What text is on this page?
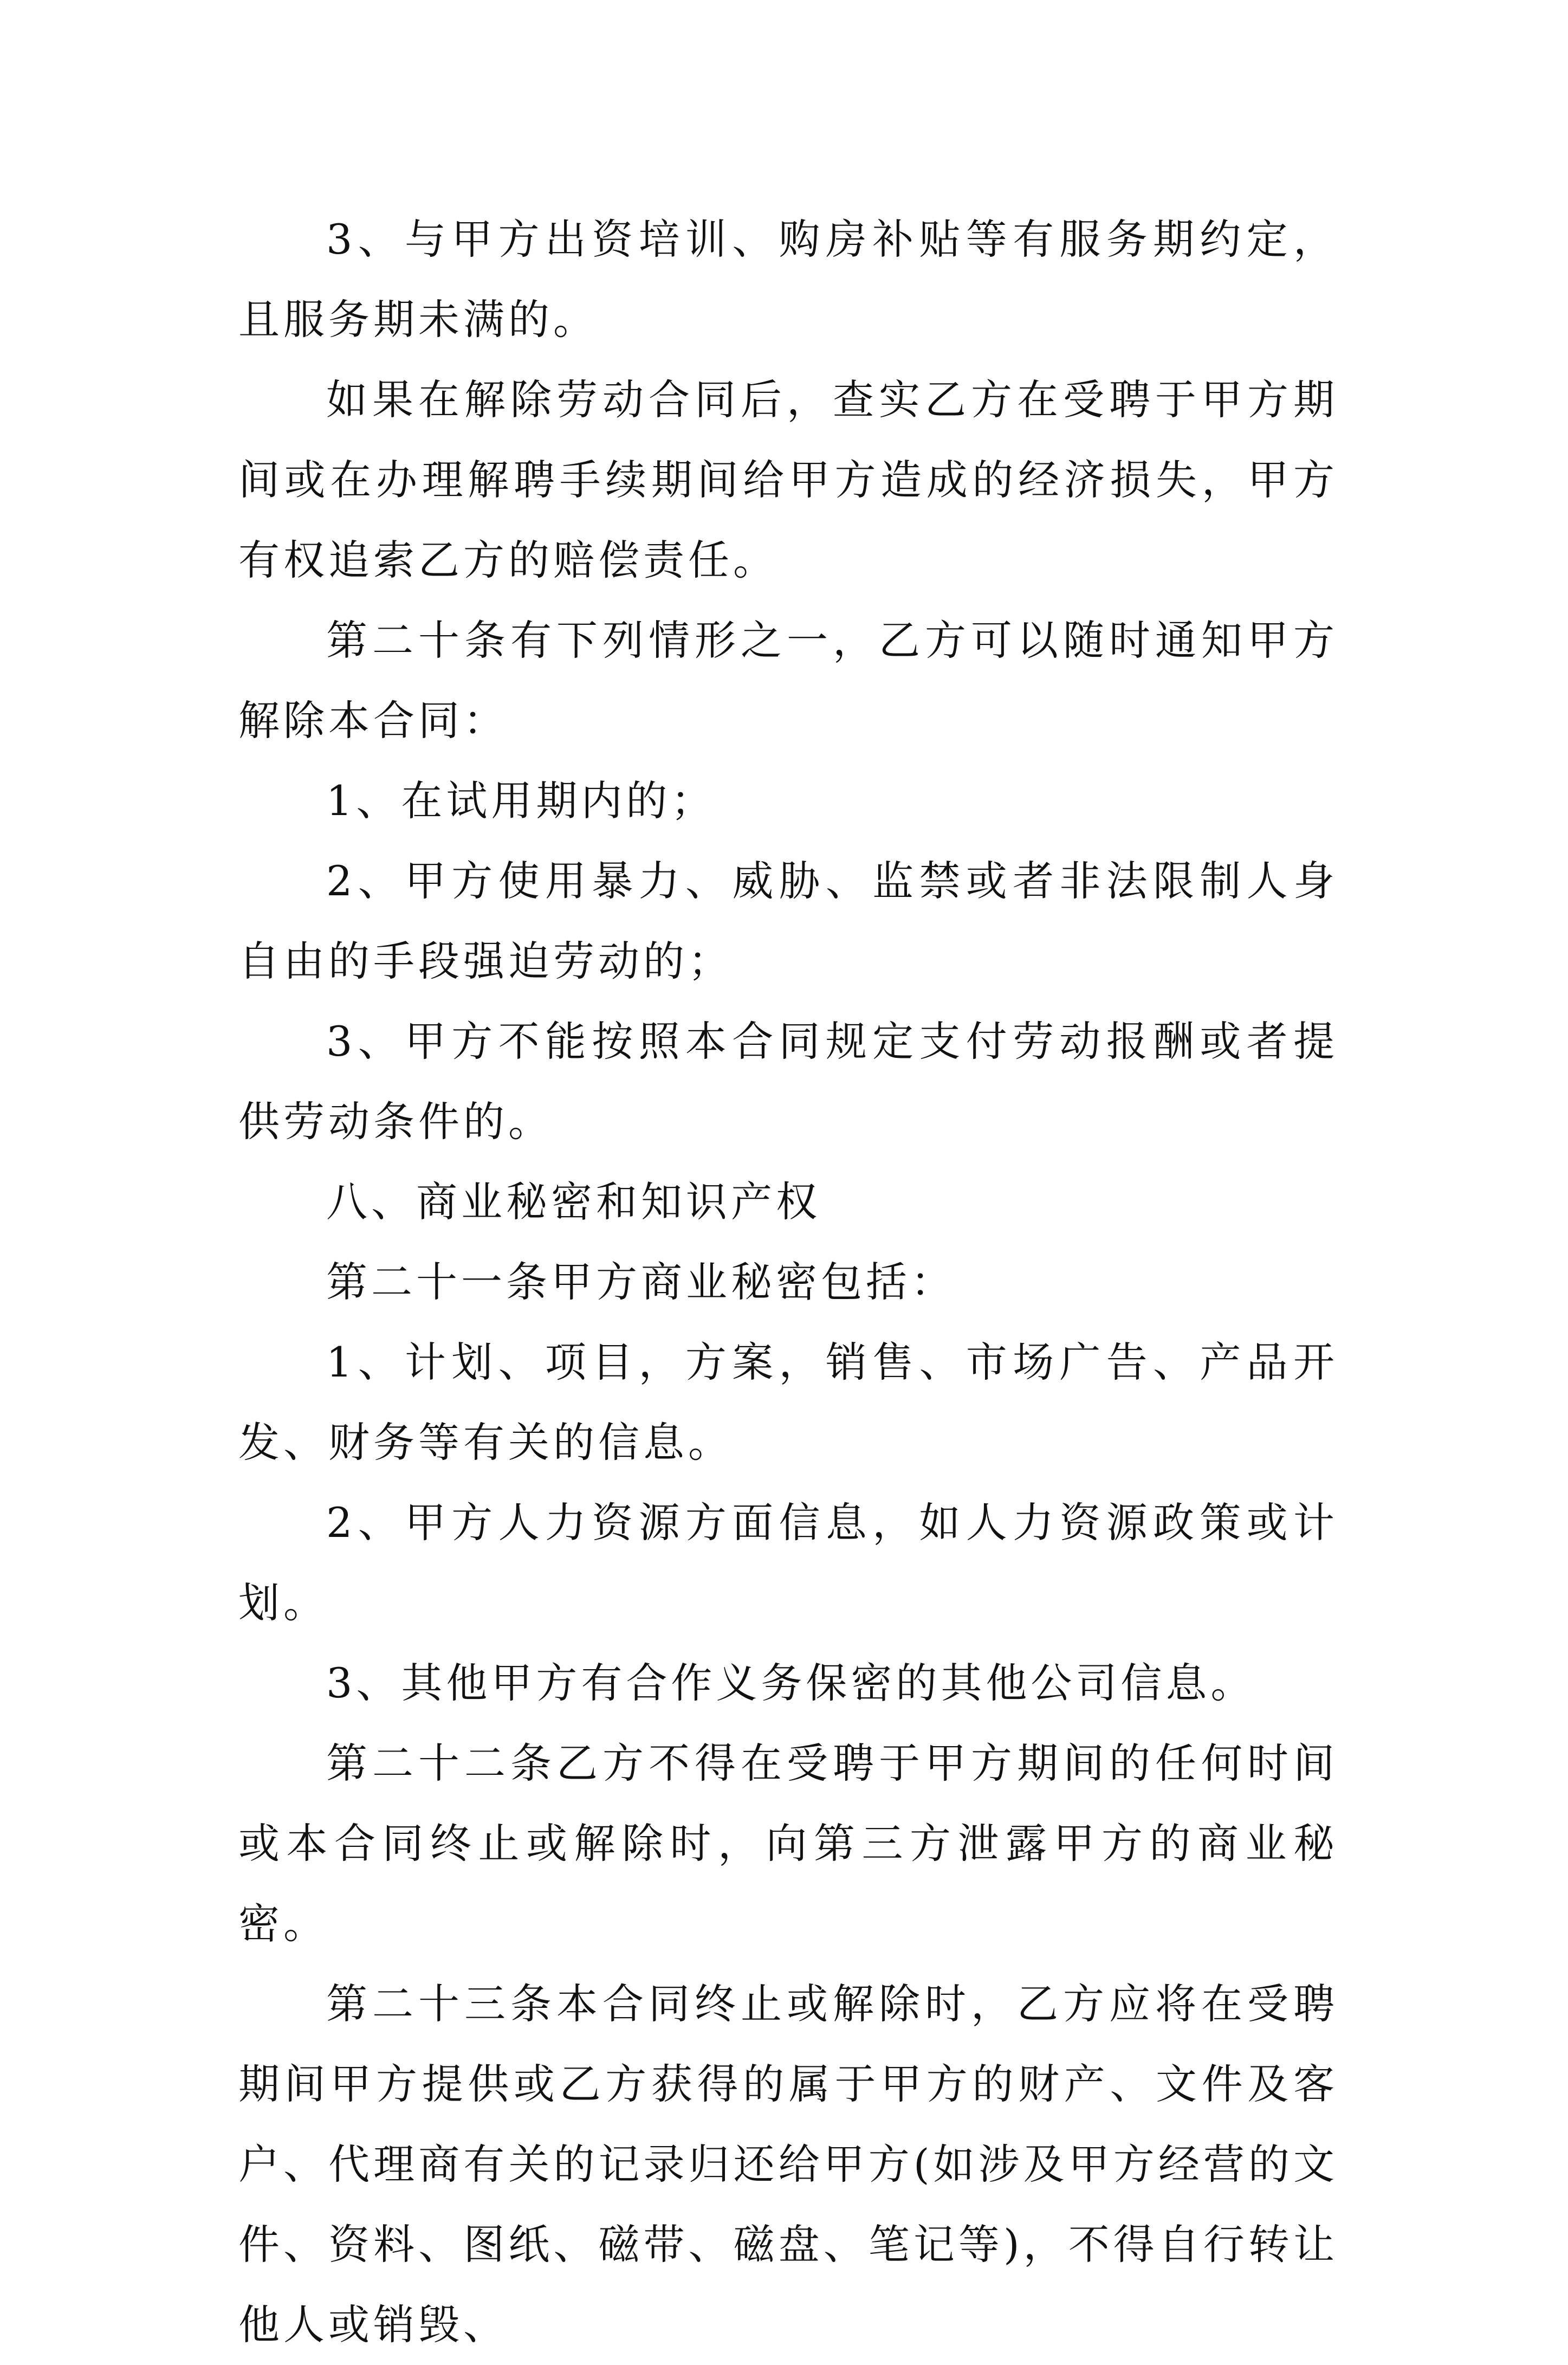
3、与甲方出资培训、购房补贴等有服务期约定，且服务期未满的。

如果在解除劳动合同后，查实乙方在受聘于甲方期间或在办理解聘手续期间给甲方造成的经济损失，甲方有权追索乙方的赔偿责任。

第二十条有下列情形之一，乙方可以随时通知甲方解除本合同：

1、在试用期内的；

2、甲方使用暴力、威胁、监禁或者非法限制人身自由的手段强迫劳动的；

3、甲方不能按照本合同规定支付劳动报酬或者提供劳动条件的。

八、商业秘密和知识产权

第二十一条甲方商业秘密包括：

1、计划、项目，方案，销售、市场广告、产品开发、财务等有关的信息。

2、甲方人力资源方面信息，如人力资源政策或计划。

3、其他甲方有合作义务保密的其他公司信息。

第二十二条乙方不得在受聘于甲方期间的任何时间或本合同终止或解除时，向第三方泄露甲方的商业秘密。

第二十三条本合同终止或解除时，乙方应将在受聘期间甲方提供或乙方获得的属于甲方的财产、文件及客户、代理商有关的记录归还给甲方(如涉及甲方经营的文件、资料、图纸、磁带、磁盘、笔记等)，不得自行转让他人或销毁、
